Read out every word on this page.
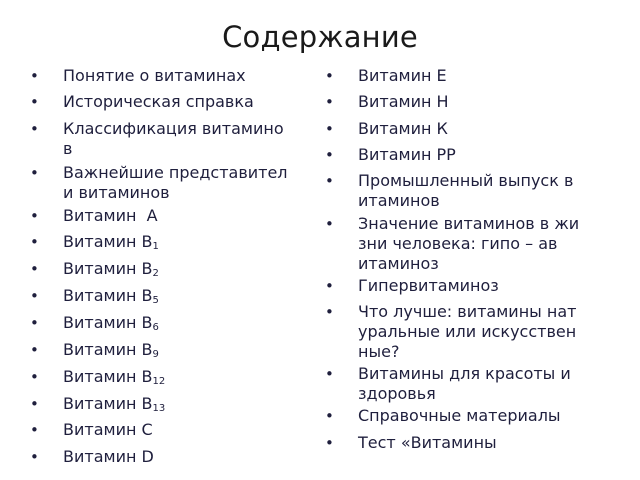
Содержание
• Понятие о витаминах
• Историческая справка
• Классификация витамино
в
• Важнейшие представител
и витаминов
• Витамин  А
• Витамин $В_1$
• Витамин $В_2$
• Витамин $В_5$
• Витамин $В_6$
• Витамин $В_9$
• Витамин $В_{12}$
• Витамин $В_{13}$
• Витамин С
• Витамин D
• Витамин Е
• Витамин Н
• Витамин К
• Витамин РР
• Промышленный выпуск в
итаминов
• Значение витаминов в жи
зни человека: гипо – ав
итаминоз
• Гипервитаминоз
• Что лучше: витамины нат
уральные или искусствен
ные?
• Витамины для красоты и
здоровья
• Справочные материалы
• Тест «Витамины
